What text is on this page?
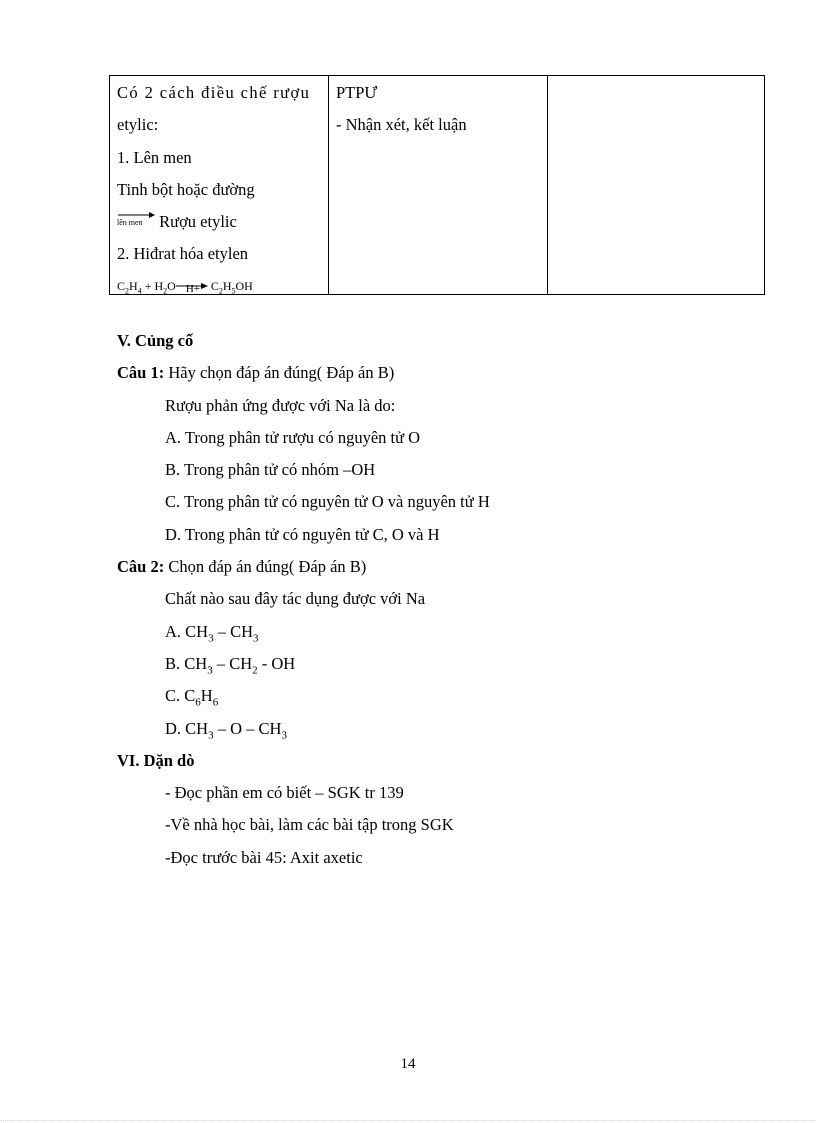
Có 2 cách điều chế rượu
etylic:
1. Lên men
Tinh bột hoặc đường
lên men Rượu etylic
2. Hiđrat hóa etylen
$C_2H_4 + H_2O$ $H+ C_2H_5OH$
PTPƯ
- Nhận xét, kết luận
V. Củng cố
Câu 1: Hãy chọn đáp án đúng( Đáp án B)
Rượu phản ứng được với Na là do:
A. Trong phân tử rượu có nguyên tử O
B. Trong phân tử có nhóm –OH
C. Trong phân tử có nguyên tử O và nguyên tử H
D. Trong phân tử có nguyên tử C, O và H
Câu 2: Chọn đáp án đúng( Đáp án B)
Chất nào sau đây tác dụng được với Na
A. $CH_3 - CH_3$
B. $CH_3 - CH_2$ - OH
C. $C_6H_6$
D. $CH_3$ – O – $CH_3$
VI. Dặn dò
- Đọc phần em có biết – SGK tr 139
-Về nhà học bài, làm các bài tập trong SGK
-Đọc trước bài 45: Axit axetic
14
